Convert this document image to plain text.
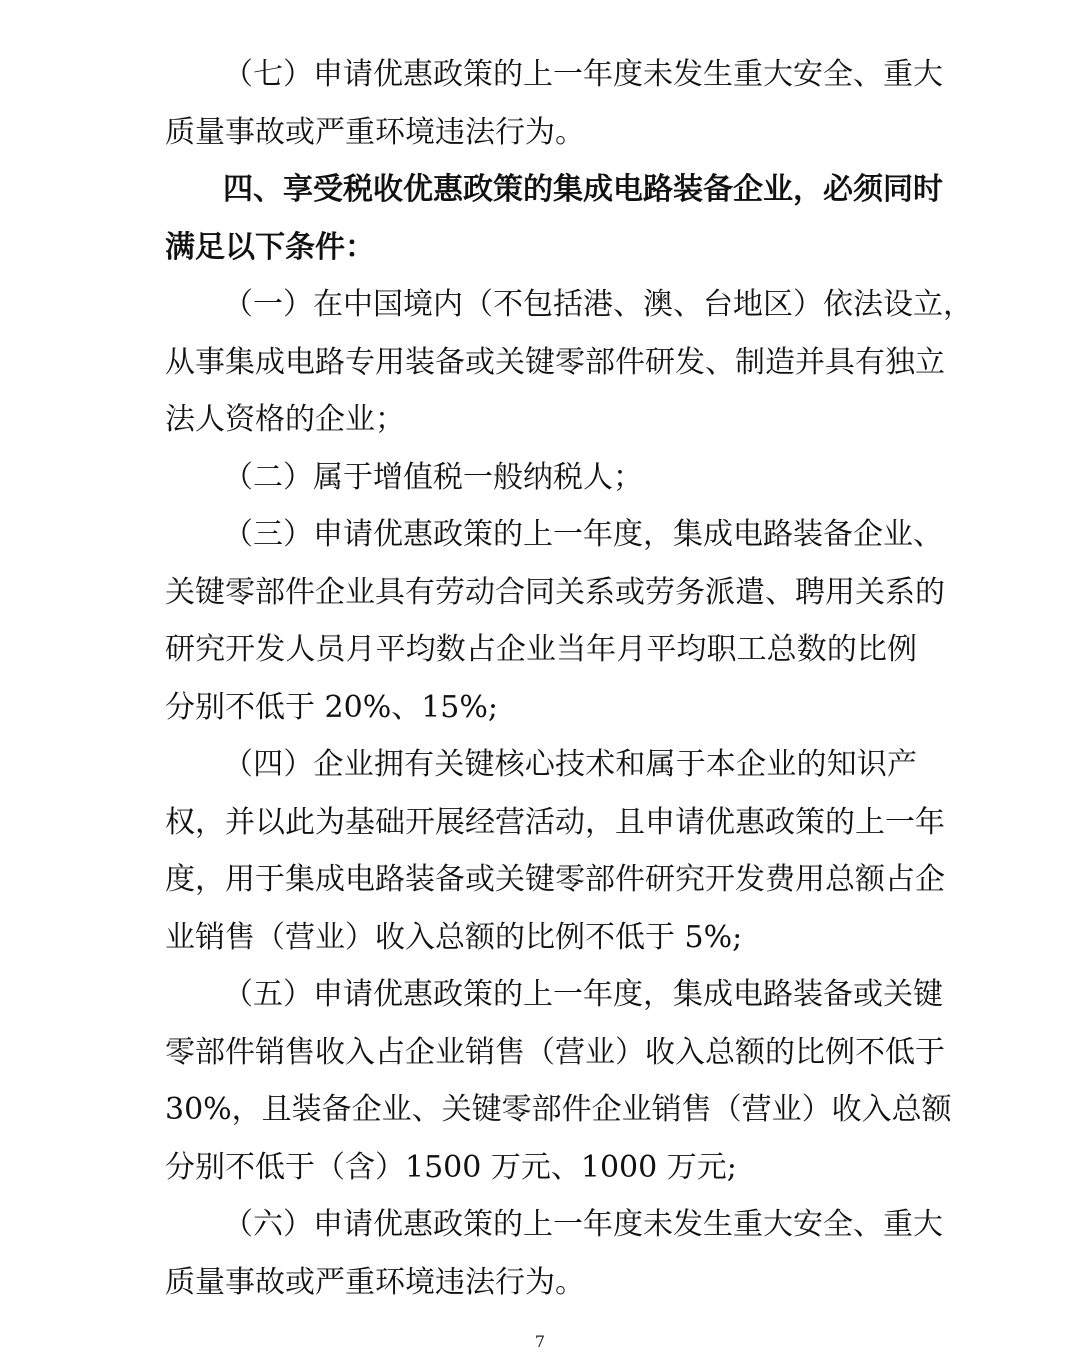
（七）申请优惠政策的上一年度未发生重大安全、重大
质量事故或严重环境违法行为。
四、享受税收优惠政策的集成电路装备企业，必须同时
满足以下条件：
（一）在中国境内（不包括港、澳、台地区）依法设立，
从事集成电路专用装备或关键零部件研发、制造并具有独立
法人资格的企业；
（二）属于增值税一般纳税人；
（三）申请优惠政策的上一年度，集成电路装备企业、
关键零部件企业具有劳动合同关系或劳务派遣、聘用关系的
研究开发人员月平均数占企业当年月平均职工总数的比例
分别不低于 20%、15%;
（四）企业拥有关键核心技术和属于本企业的知识产
权，并以此为基础开展经营活动，且申请优惠政策的上一年
度，用于集成电路装备或关键零部件研究开发费用总额占企
业销售（营业）收入总额的比例不低于 5%;
（五）申请优惠政策的上一年度，集成电路装备或关键
零部件销售收入占企业销售（营业）收入总额的比例不低于
30%，且装备企业、关键零部件企业销售（营业）收入总额
分别不低于（含）1500 万元、1000 万元;
（六）申请优惠政策的上一年度未发生重大安全、重大
质量事故或严重环境违法行为。
7
